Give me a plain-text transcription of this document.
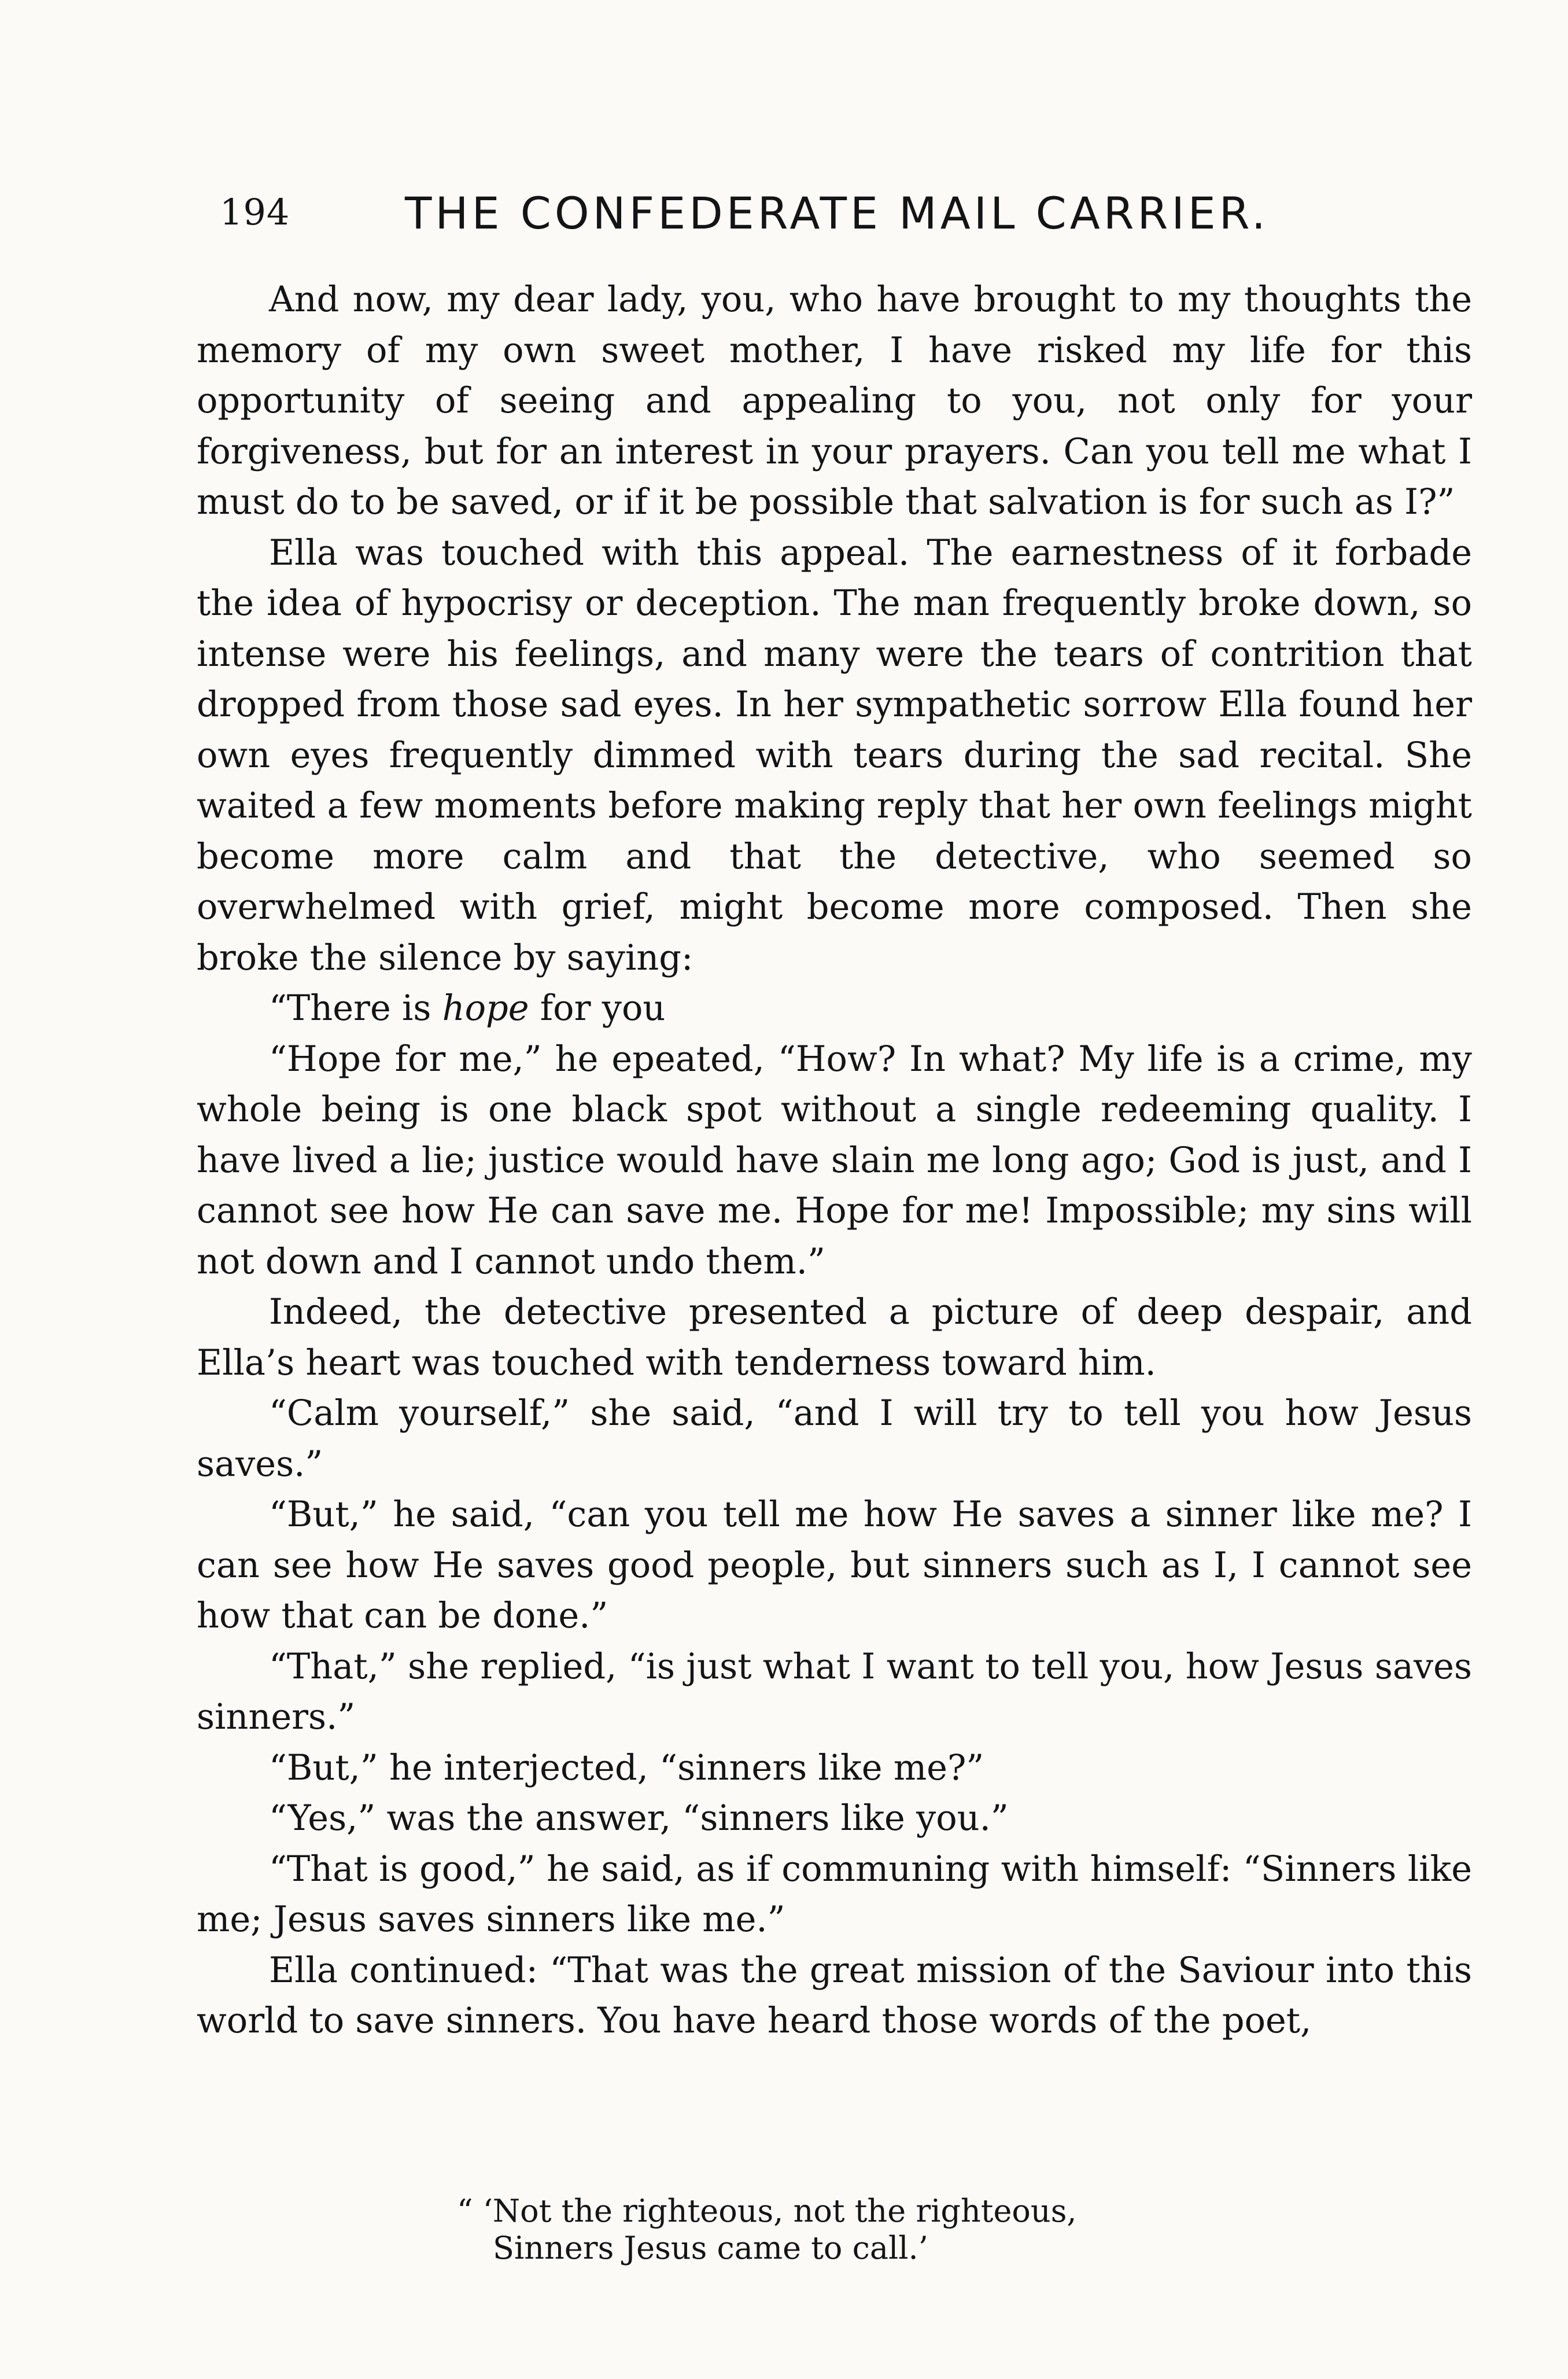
194	THE CONFEDERATE MAIL CARRIER.

And now, my dear lady, you, who have brought to my thoughts the memory of my own sweet mother, I have risked my life for this opportunity of seeing and appealing to you, not only for your forgiveness, but for an interest in your prayers. Can you tell me what I must do to be saved, or if it be possible that salvation is for such as I?”

Ella was touched with this appeal. The earnestness of it forbade the idea of hypocrisy or deception. The man frequently broke down, so intense were his feelings, and many were the tears of contrition that dropped from those sad eyes. In her sympathetic sorrow Ella found her own eyes frequently dimmed with tears during the sad recital. She waited a few moments before making reply that her own feelings might become more calm and that the detective, who seemed so overwhelmed with grief, might become more composed. Then she broke the silence by saying:

“There is hope for you

“Hope for me,” he epeated, “How? In what? My life is a crime, my whole being is one black spot without a single redeeming quality. I have lived a lie; justice would have slain me long ago; God is just, and I cannot see how He can save me. Hope for me! Impossible; my sins will not down and I cannot undo them.”

Indeed, the detective presented a picture of deep despair, and Ella’s heart was touched with tenderness toward him.

“Calm yourself,” she said, “and I will try to tell you how Jesus saves.”

“But,” he said, “can you tell me how He saves a sinner like me? I can see how He saves good people, but sinners such as I, I cannot see how that can be done.”

“That,” she replied, “is just what I want to tell you, how Jesus saves sinners.”

“But,” he interjected, “sinners like me?”

“Yes,” was the answer, “sinners like you.”

“That is good,” he said, as if communing with himself: “Sinners like me; Jesus saves sinners like me.”

Ella continued: “That was the great mission of the Saviour into this world to save sinners. You have heard those words of the poet,

“ ‘Not the righteous, not the righteous,
Sinners Jesus came to call.’
